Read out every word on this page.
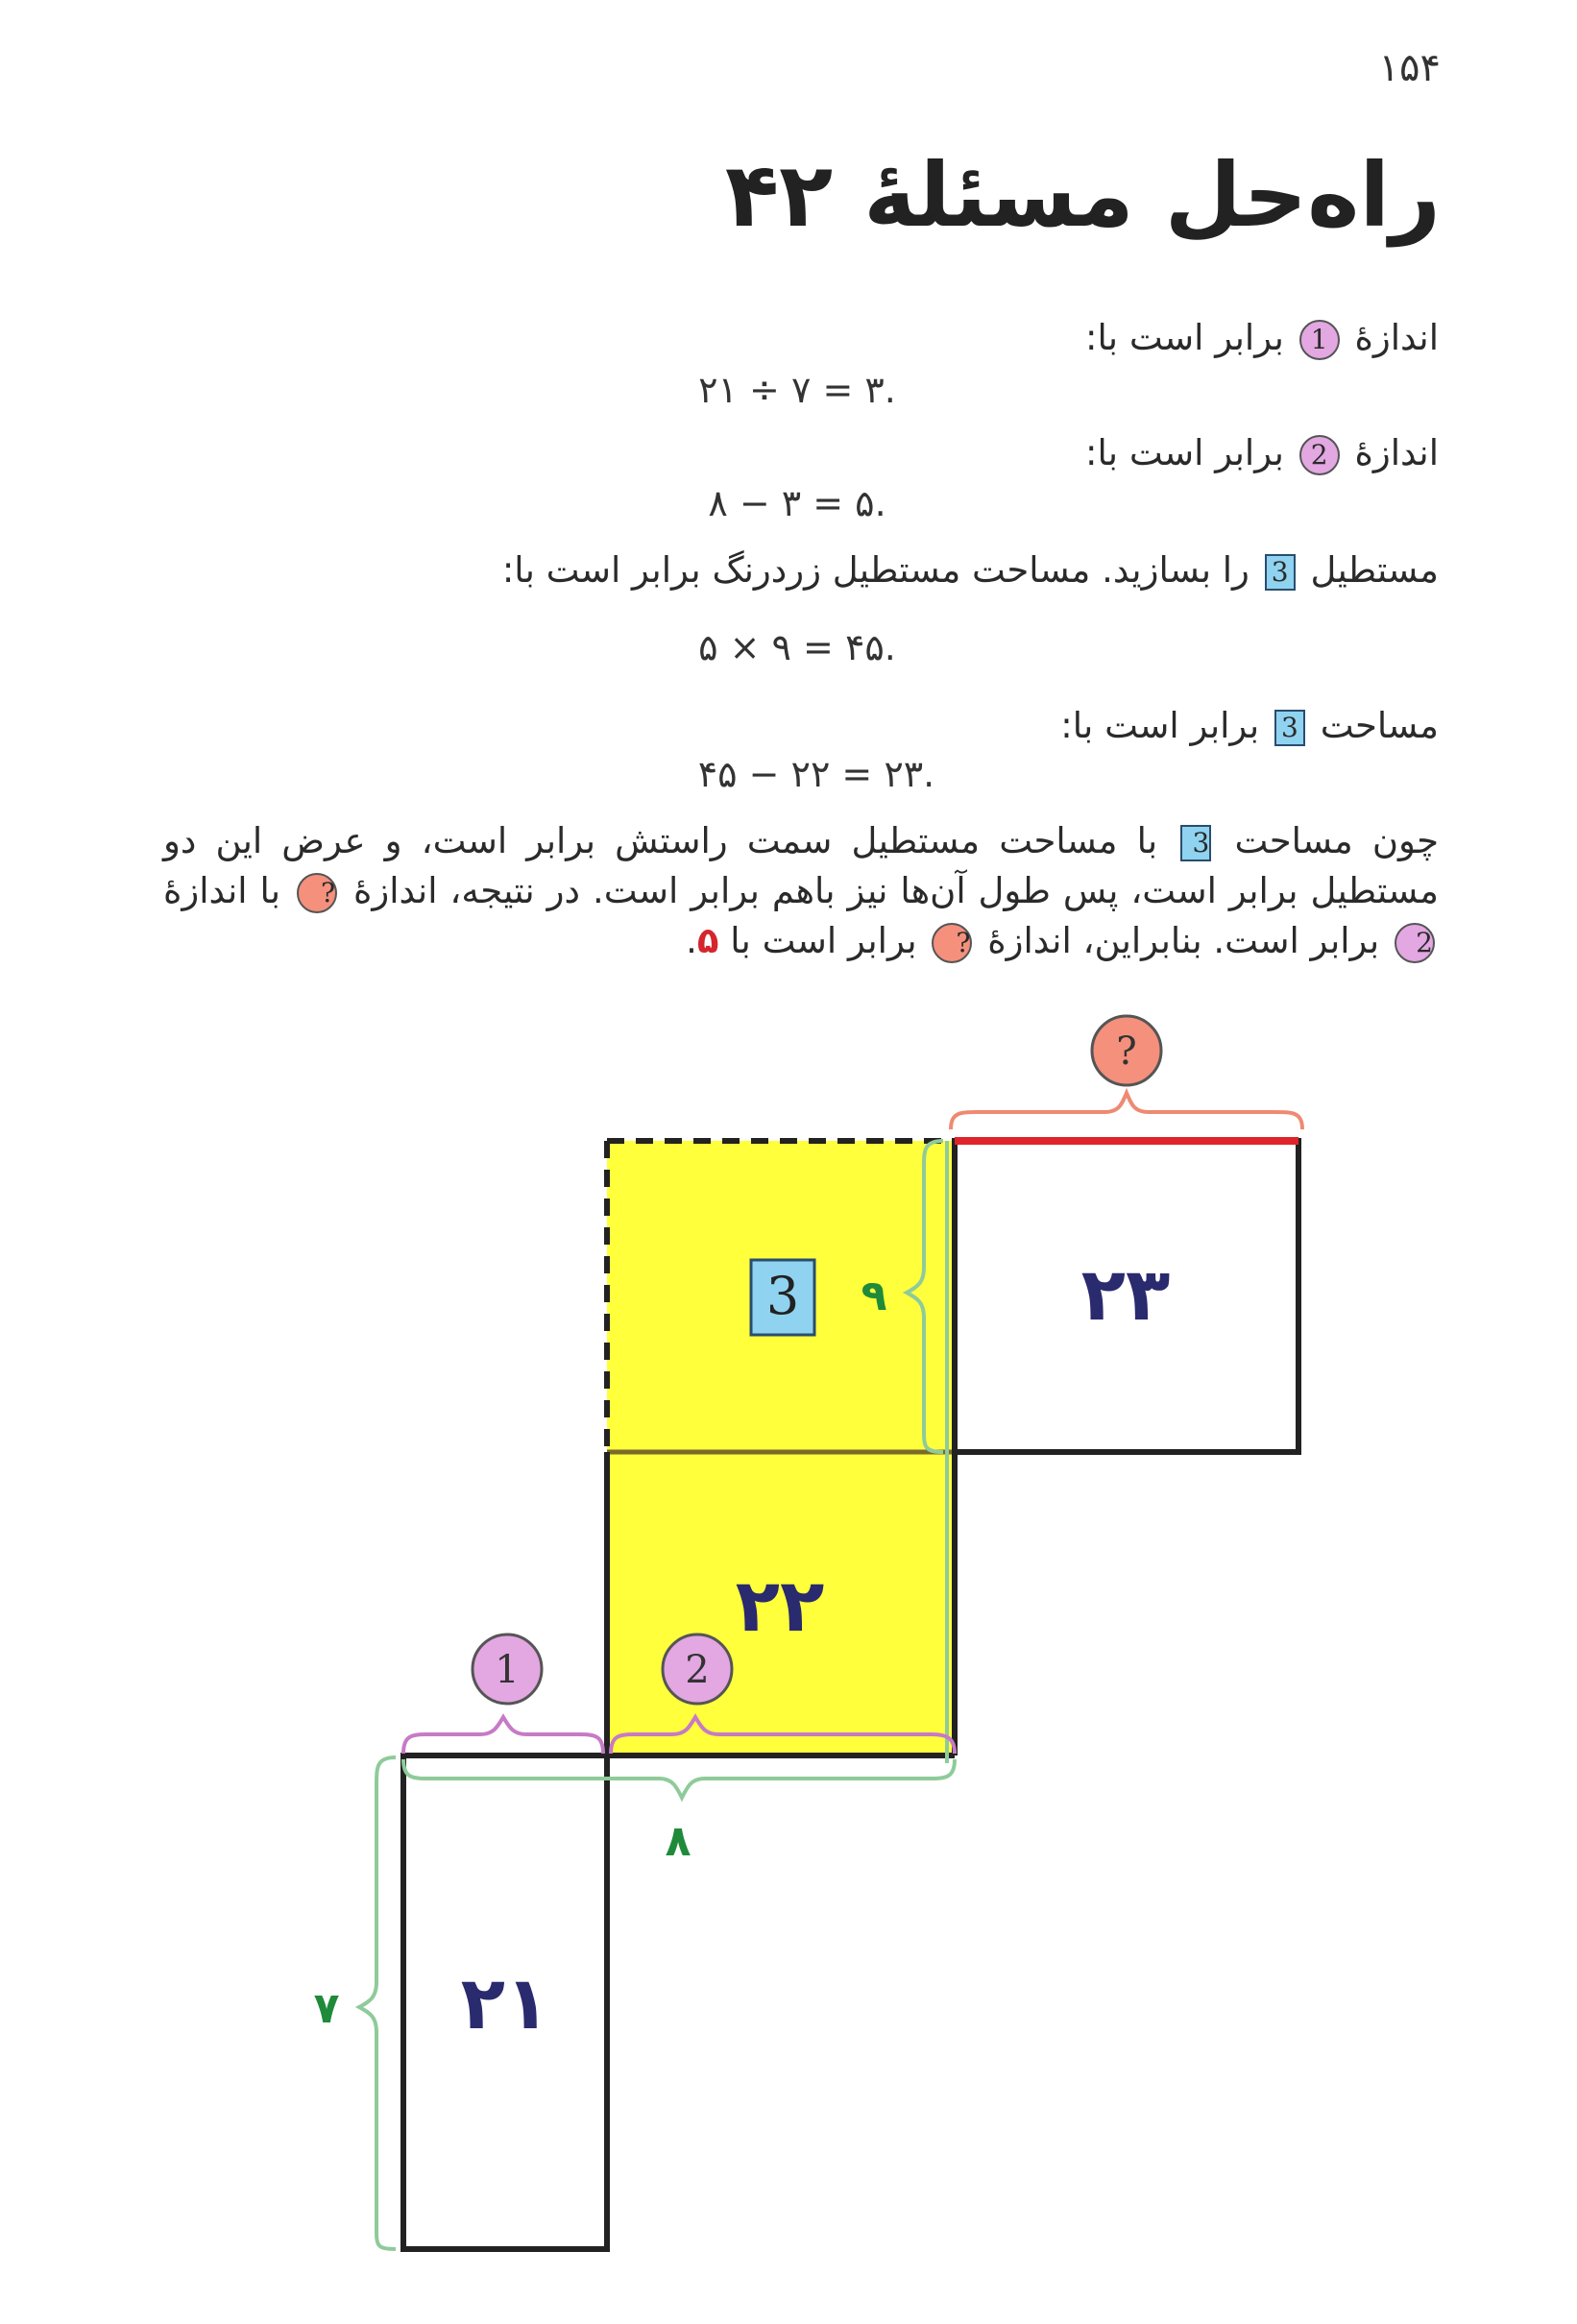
۱۵۴
راه‌حل مسئلهٔ ۴۲
اندازهٔ 1 برابر است با:
۲۱ ÷ ۷ = ۳.
اندازهٔ 2 برابر است با:
۸ − ۳ = ۵.
مستطیل 3 را بسازید. مساحت مستطیل زردرنگ برابر است با:
۵ × ۹ = ۴۵.
مساحت 3 برابر است با:
۴۵ − ۲۲ = ۲۳.
چون مساحت 3 با مساحت مستطیل سمت راستش برابر است، و عرض این دو مستطیل برابر است، پس طول آن‌ها نیز باهم برابر است. در نتیجه، اندازهٔ ? با اندازهٔ 2 برابر است. بنابراین، اندازهٔ ? برابر است با ۵.
?
1	2
3 ۹
۸
۷
۲۳
۲۲
۲۱
